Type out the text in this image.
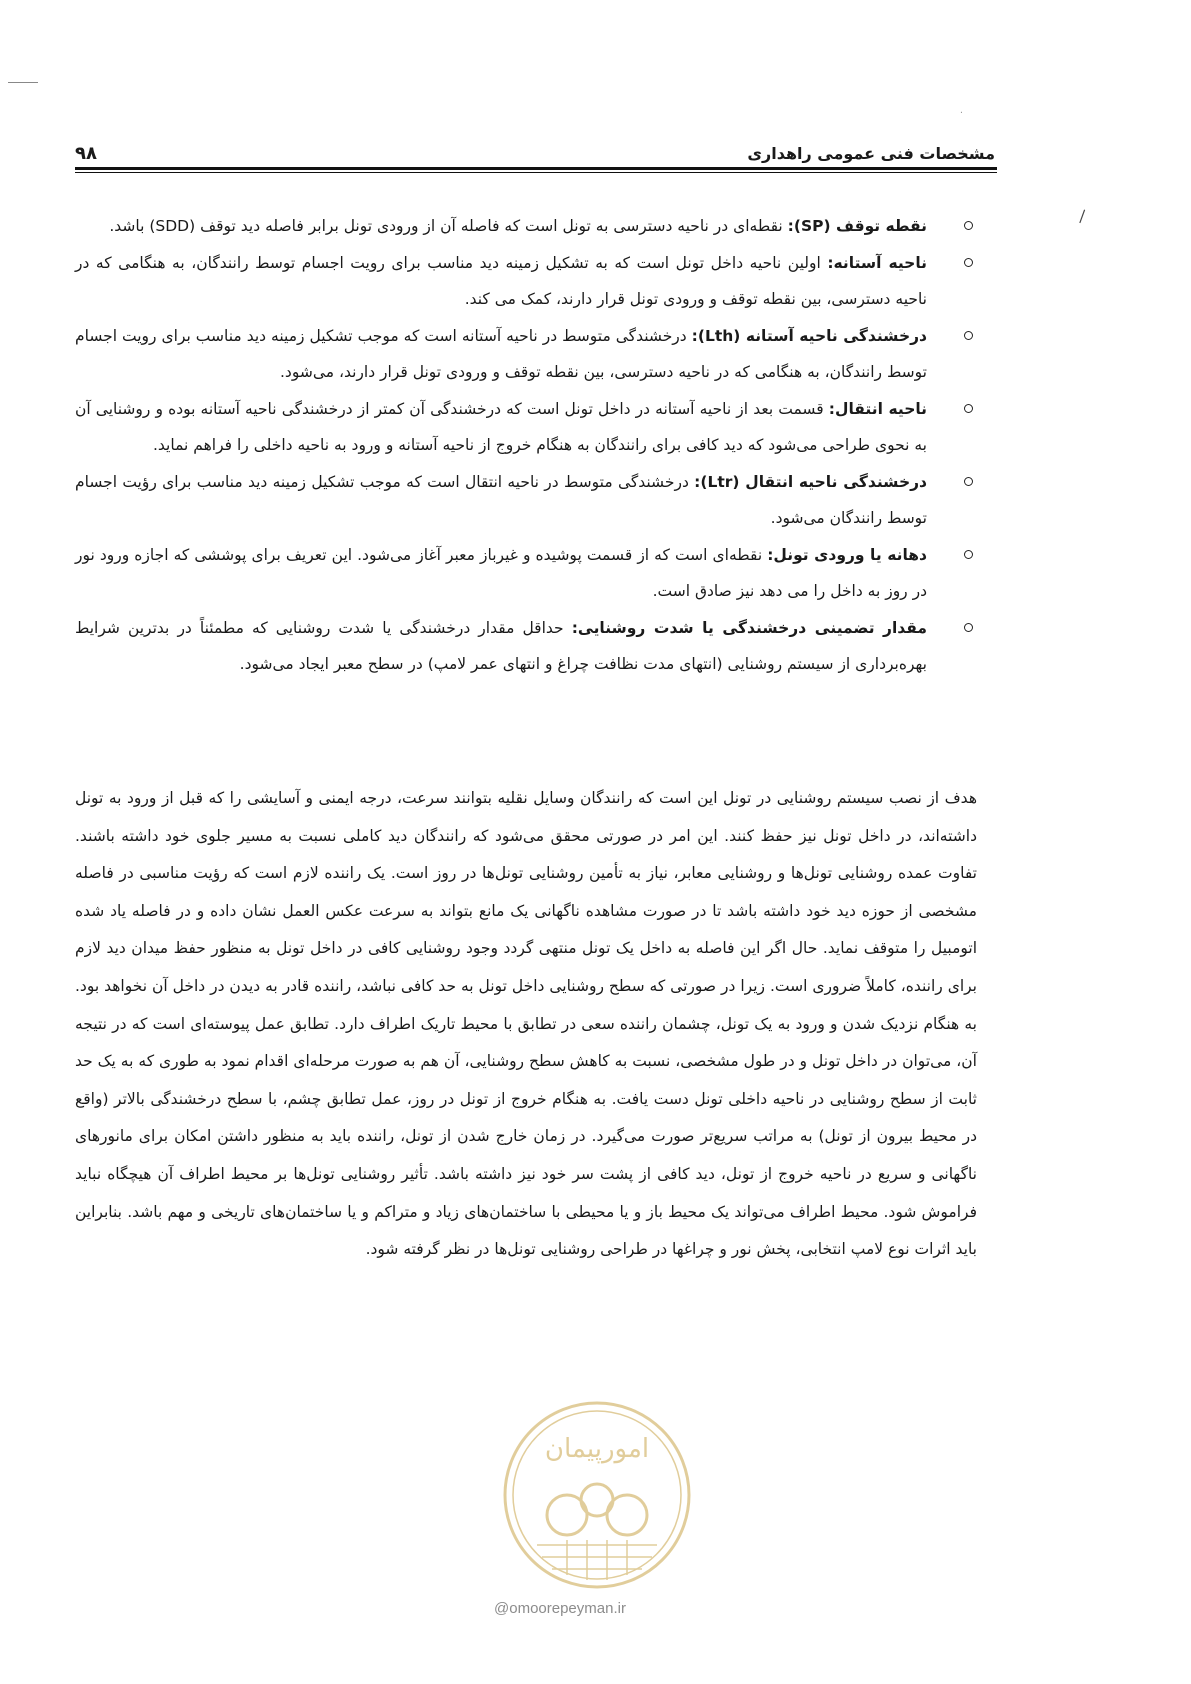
·
|
مشخصات فنی عمومی راهداری
۹۸
نقطه توقف (SP): نقطه‌ای در ناحیه دسترسی به تونل است که فاصله آن از ورودی تونل برابر فاصله دید توقف (SDD) باشد.
ناحیه آستانه: اولین ناحیه داخل تونل است که به تشکیل زمینه دید مناسب برای رویت اجسام توسط رانندگان، به هنگامی که در ناحیه دسترسی، بین نقطه توقف و ورودی تونل قرار دارند، کمک می کند.
درخشندگی ناحیه آستانه (Lth): درخشندگی متوسط در ناحیه آستانه است که موجب تشکیل زمینه دید مناسب برای رویت اجسام توسط رانندگان، به هنگامی که در ناحیه دسترسی، بین نقطه توقف و ورودی تونل قرار دارند، می‌شود.
ناحیه انتقال: قسمت بعد از ناحیه آستانه در داخل تونل است که درخشندگی آن کمتر از درخشندگی ناحیه آستانه بوده و روشنایی آن به نحوی طراحی می‌شود که دید کافی برای رانندگان به هنگام خروج از ناحیه آستانه و ورود به ناحیه داخلی را فراهم نماید.
درخشندگی ناحیه انتقال (Ltr): درخشندگی متوسط در ناحیه انتقال است که موجب تشکیل زمینه دید مناسب برای رؤیت اجسام توسط رانندگان می‌شود.
دهانه یا ورودی تونل: نقطه‌ای است که از قسمت پوشیده و غیرباز معبر آغاز می‌شود. این تعریف برای پوششی که اجازه ورود نور در روز به داخل را می دهد نیز صادق است.
مقدار تضمینی درخشندگی یا شدت روشنایی: حداقل مقدار درخشندگی یا شدت روشنایی که مطمئناً در بدترین شرایط بهره‌برداری از سیستم روشنایی (انتهای مدت نظافت چراغ و انتهای عمر لامپ) در سطح معبر ایجاد می‌شود.

هدف از نصب سیستم روشنایی در تونل این است که رانندگان وسایل نقلیه بتوانند سرعت، درجه ایمنی و آسایشی را که قبل از ورود به تونل داشته‌اند، در داخل تونل نیز حفظ کنند. این امر در صورتی محقق می‌شود که رانندگان دید کاملی نسبت به مسیر جلوی خود داشته باشند. تفاوت عمده روشنایی تونل‌ها و روشنایی معابر، نیاز به تأمین روشنایی تونل‌ها در روز است. یک راننده لازم است که رؤیت مناسبی در فاصله مشخصی از حوزه دید خود داشته باشد تا در صورت مشاهده ناگهانی یک مانع بتواند به سرعت عکس العمل نشان داده و در فاصله یاد شده اتومبیل را متوقف نماید. حال اگر این فاصله به داخل یک تونل منتهی گردد وجود روشنایی کافی در داخل تونل به منظور حفظ میدان دید لازم برای راننده، کاملاً ضروری است. زیرا در صورتی که سطح روشنایی داخل تونل به حد کافی نباشد، راننده قادر به دیدن در داخل آن نخواهد بود. به هنگام نزدیک شدن و ورود به یک تونل، چشمان راننده سعی در تطابق با محیط تاریک اطراف دارد. تطابق عمل پیوسته‌ای است که در نتیجه آن، می‌توان در داخل تونل و در طول مشخصی، نسبت به کاهش سطح روشنایی، آن هم به صورت مرحله‌ای اقدام نمود به طوری که به یک حد ثابت از سطح روشنایی در ناحیه داخلی تونل دست یافت. به هنگام خروج از تونل در روز، عمل تطابق چشم، با سطح درخشندگی بالاتر (واقع در محیط بیرون از تونل) به مراتب سریع‌تر صورت می‌گیرد. در زمان خارج شدن از تونل، راننده باید به منظور داشتن امکان برای مانورهای ناگهانی و سریع در ناحیه خروج از تونل، دید کافی از پشت سر خود نیز داشته باشد. تأثیر روشنایی تونل‌ها بر محیط اطراف آن هیچگاه نباید فراموش شود. محیط اطراف می‌تواند یک محیط باز و یا محیطی با ساختمان‌های زیاد و متراکم و یا ساختمان‌های تاریخی و مهم باشد. بنابراین باید اثرات نوع لامپ انتخابی، پخش نور و چراغها در طراحی روشنایی تونل‌ها در نظر گرفته شود.

امورپیمان
@omoorepeyman.ir
